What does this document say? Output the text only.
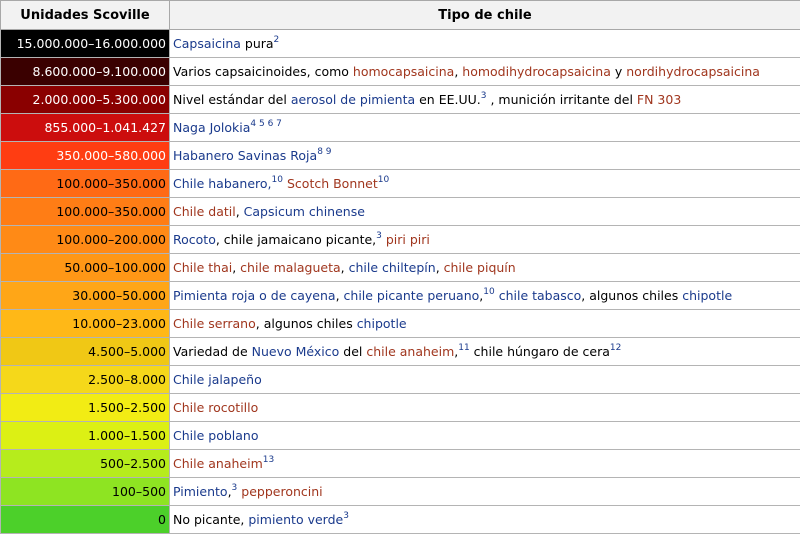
Unidades Scoville	Tipo de chile
15.000.000–16.000.000	Capsaicina pura$^2$
8.600.000–9.100.000	Varios capsaicinoides, como homocapsaicina, homodihydrocapsaicina y nordihydrocapsaicina
2.000.000–5.300.000	Nivel estándar del aerosol de pimienta en EE.UU.$^3$ , munición irritante del FN 303
855.000–1.041.427	Naga Jolokia$^{4 5 6 7}$
350.000–580.000	Habanero Savinas Roja$^{8 9}$
100.000–350.000	Chile habanero,$^{10}$ Scotch Bonnet$^{10}$
100.000–350.000	Chile datil, Capsicum chinense
100.000–200.000	Rocoto, chile jamaicano picante,$^3$ piri piri
50.000–100.000	Chile thai, chile malagueta, chile chiltepín, chile piquín
30.000–50.000	Pimienta roja o de cayena, chile picante peruano,$^{10}$ chile tabasco, algunos chiles chipotle
10.000–23.000	Chile serrano, algunos chiles chipotle
4.500–5.000	Variedad de Nuevo México del chile anaheim,$^{11}$ chile húngaro de cera$^{12}$
2.500–8.000	Chile jalapeño
1.500–2.500	Chile rocotillo
1.000–1.500	Chile poblano
500–2.500	Chile anaheim$^{13}$
100–500	Pimiento,$^3$ pepperoncini
0	No picante, pimiento verde$^3$
